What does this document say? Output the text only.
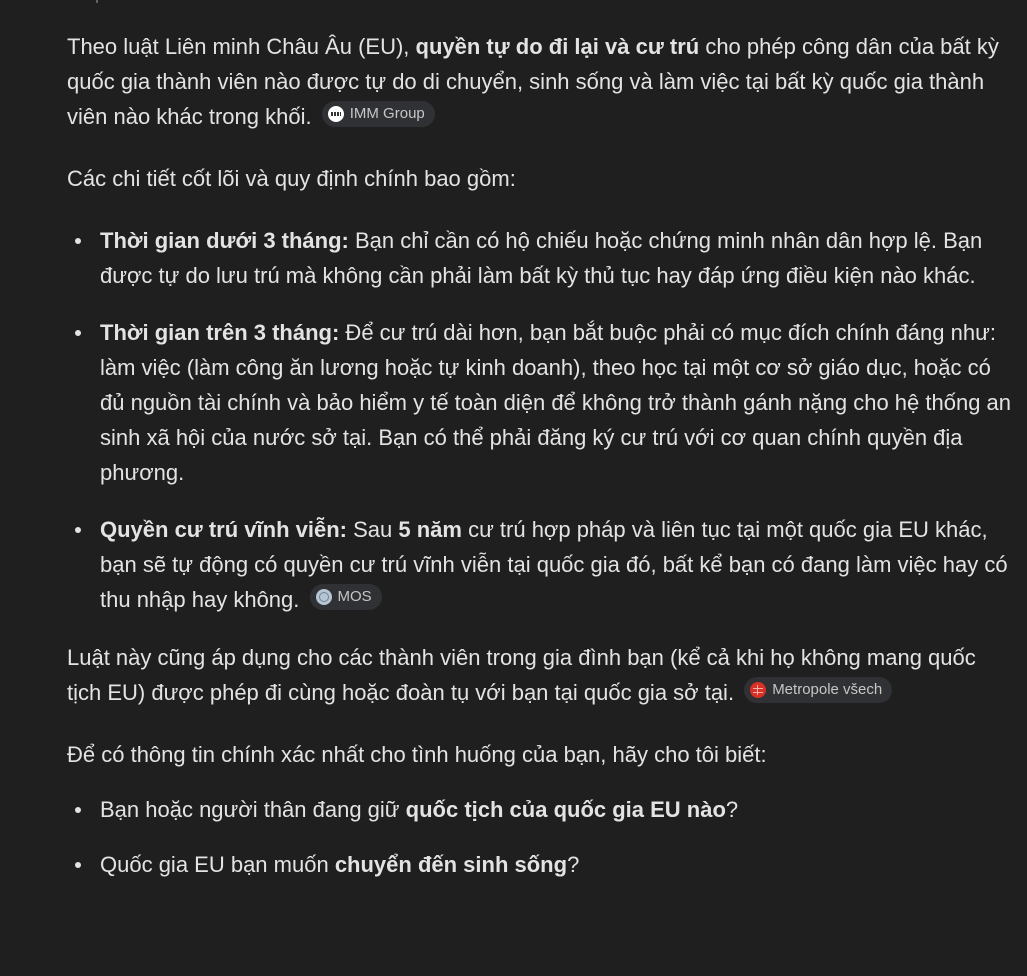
Theo luật Liên minh Châu Âu (EU), quyền tự do đi lại và cư trú cho phép công dân của bất kỳ quốc gia thành viên nào được tự do di chuyển, sinh sống và làm việc tại bất kỳ quốc gia thành viên nào khác trong khối.	IMM Group

Các chi tiết cốt lõi và quy định chính bao gồm:

Thời gian dưới 3 tháng: Bạn chỉ cần có hộ chiếu hoặc chứng minh nhân dân hợp lệ. Bạn được tự do lưu trú mà không cần phải làm bất kỳ thủ tục hay đáp ứng điều kiện nào khác.
Thời gian trên 3 tháng: Để cư trú dài hơn, bạn bắt buộc phải có mục đích chính đáng như: làm việc (làm công ăn lương hoặc tự kinh doanh), theo học tại một cơ sở giáo dục, hoặc có đủ nguồn tài chính và bảo hiểm y tế toàn diện để không trở thành gánh nặng cho hệ thống an sinh xã hội của nước sở tại. Bạn có thể phải đăng ký cư trú với cơ quan chính quyền địa phương.
Quyền cư trú vĩnh viễn: Sau 5 năm cư trú hợp pháp và liên tục tại một quốc gia EU khác, bạn sẽ tự động có quyền cư trú vĩnh viễn tại quốc gia đó, bất kể bạn có đang làm việc hay có thu nhập hay không.	MOS

Luật này cũng áp dụng cho các thành viên trong gia đình bạn (kể cả khi họ không mang quốc tịch EU) được phép đi cùng hoặc đoàn tụ với bạn tại quốc gia sở tại.	Metropole všech

Để có thông tin chính xác nhất cho tình huống của bạn, hãy cho tôi biết:

Bạn hoặc người thân đang giữ quốc tịch của quốc gia EU nào?
Quốc gia EU bạn muốn chuyển đến sinh sống?
